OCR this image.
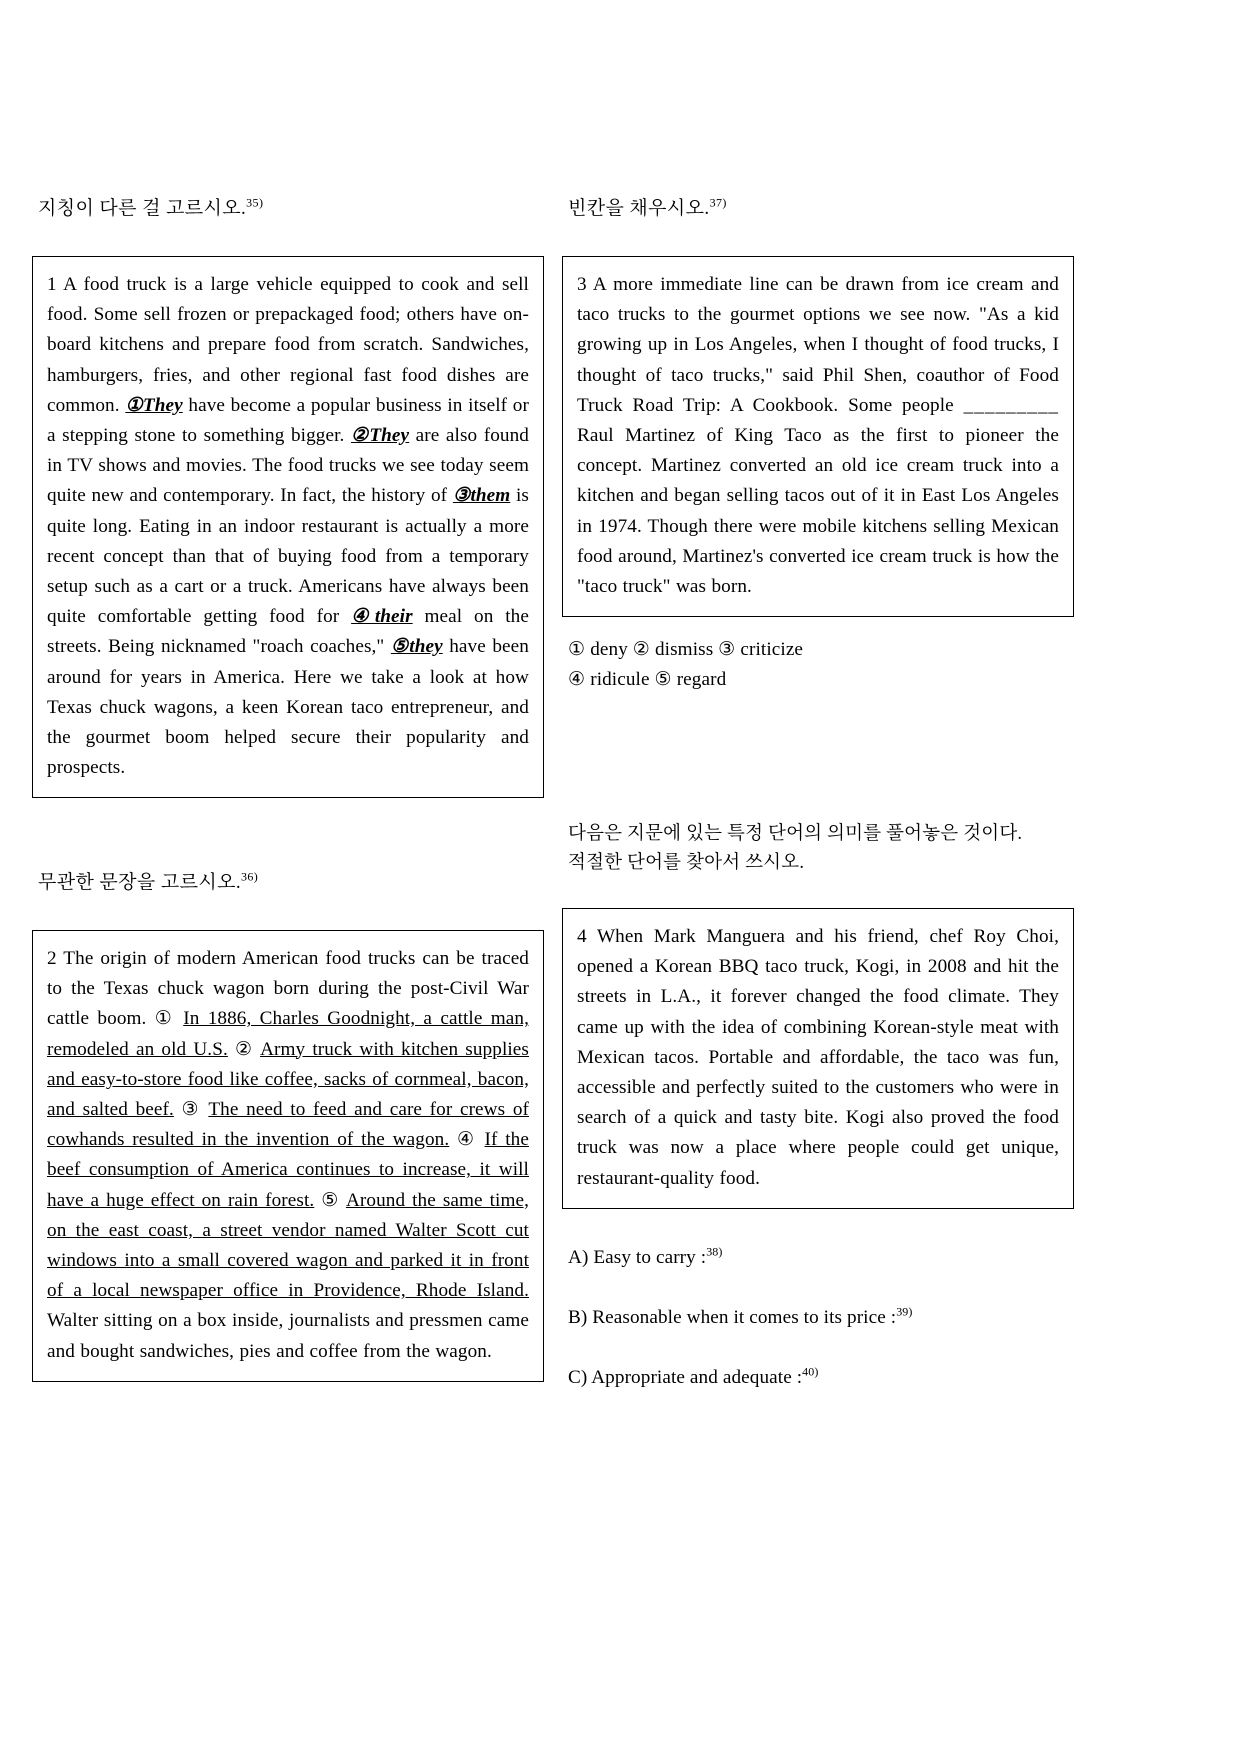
지칭이 다른 걸 고르시오.$^{35)}$

1 A food truck is a large vehicle equipped to cook and sell food. Some sell frozen or prepackaged food; others have on-board kitchens and prepare food from scratch. Sandwiches, hamburgers, fries, and other regional fast food dishes are common. ①They have become a popular business in itself or a stepping stone to something bigger. ②They are also found in TV shows and movies. The food trucks we see today seem quite new and contemporary. In fact, the history of ③them is quite long. Eating in an indoor restaurant is actually a more recent concept than that of buying food from a temporary setup such as a cart or a truck. Americans have always been quite comfortable getting food for ④their meal on the streets. Being nicknamed "roach coaches," ⑤they have been around for years in America. Here we take a look at how Texas chuck wagons, a keen Korean taco entrepreneur, and the gourmet boom helped secure their popularity and prospects.

무관한 문장을 고르시오.$^{36)}$

2 The origin of modern American food trucks can be traced to the Texas chuck wagon born during the post-Civil War cattle boom. ① In 1886, Charles Goodnight, a cattle man, remodeled an old U.S. ② Army truck with kitchen supplies and easy-to-store food like coffee, sacks of cornmeal, bacon, and salted beef. ③ The need to feed and care for crews of cowhands resulted in the invention of the wagon. ④ If the beef consumption of America continues to increase, it will have a huge effect on rain forest. ⑤ Around the same time, on the east coast, a street vendor named Walter Scott cut windows into a small covered wagon and parked it in front of a local newspaper office in Providence, Rhode Island. Walter sitting on a box inside, journalists and pressmen came and bought sandwiches, pies and coffee from the wagon.

빈칸을 채우시오.$^{37)}$

3 A more immediate line can be drawn from ice cream and taco trucks to the gourmet options we see now. "As a kid growing up in Los Angeles, when I thought of food trucks, I thought of taco trucks," said Phil Shen, coauthor of Food Truck Road Trip: A Cookbook. Some people _________ Raul Martinez of King Taco as the first to pioneer the concept. Martinez converted an old ice cream truck into a kitchen and began selling tacos out of it in East Los Angeles in 1974. Though there were mobile kitchens selling Mexican food around, Martinez's converted ice cream truck is how the "taco truck" was born.

① deny ② dismiss ③ criticize
④ ridicule ⑤ regard
다음은 지문에 있는 특정 단어의 의미를 풀어놓은 것이다.
적절한 단어를 찾아서 쓰시오.

4 When Mark Manguera and his friend, chef Roy Choi, opened a Korean BBQ taco truck, Kogi, in 2008 and hit the streets in L.A., it forever changed the food climate. They came up with the idea of combining Korean-style meat with Mexican tacos. Portable and affordable, the taco was fun, accessible and perfectly suited to the customers who were in search of a quick and tasty bite. Kogi also proved the food truck was now a place where people could get unique, restaurant-quality food.

A) Easy to carry :$^{38)}$
B) Reasonable when it comes to its price :$^{39)}$
C) Appropriate and adequate :$^{40)}$
